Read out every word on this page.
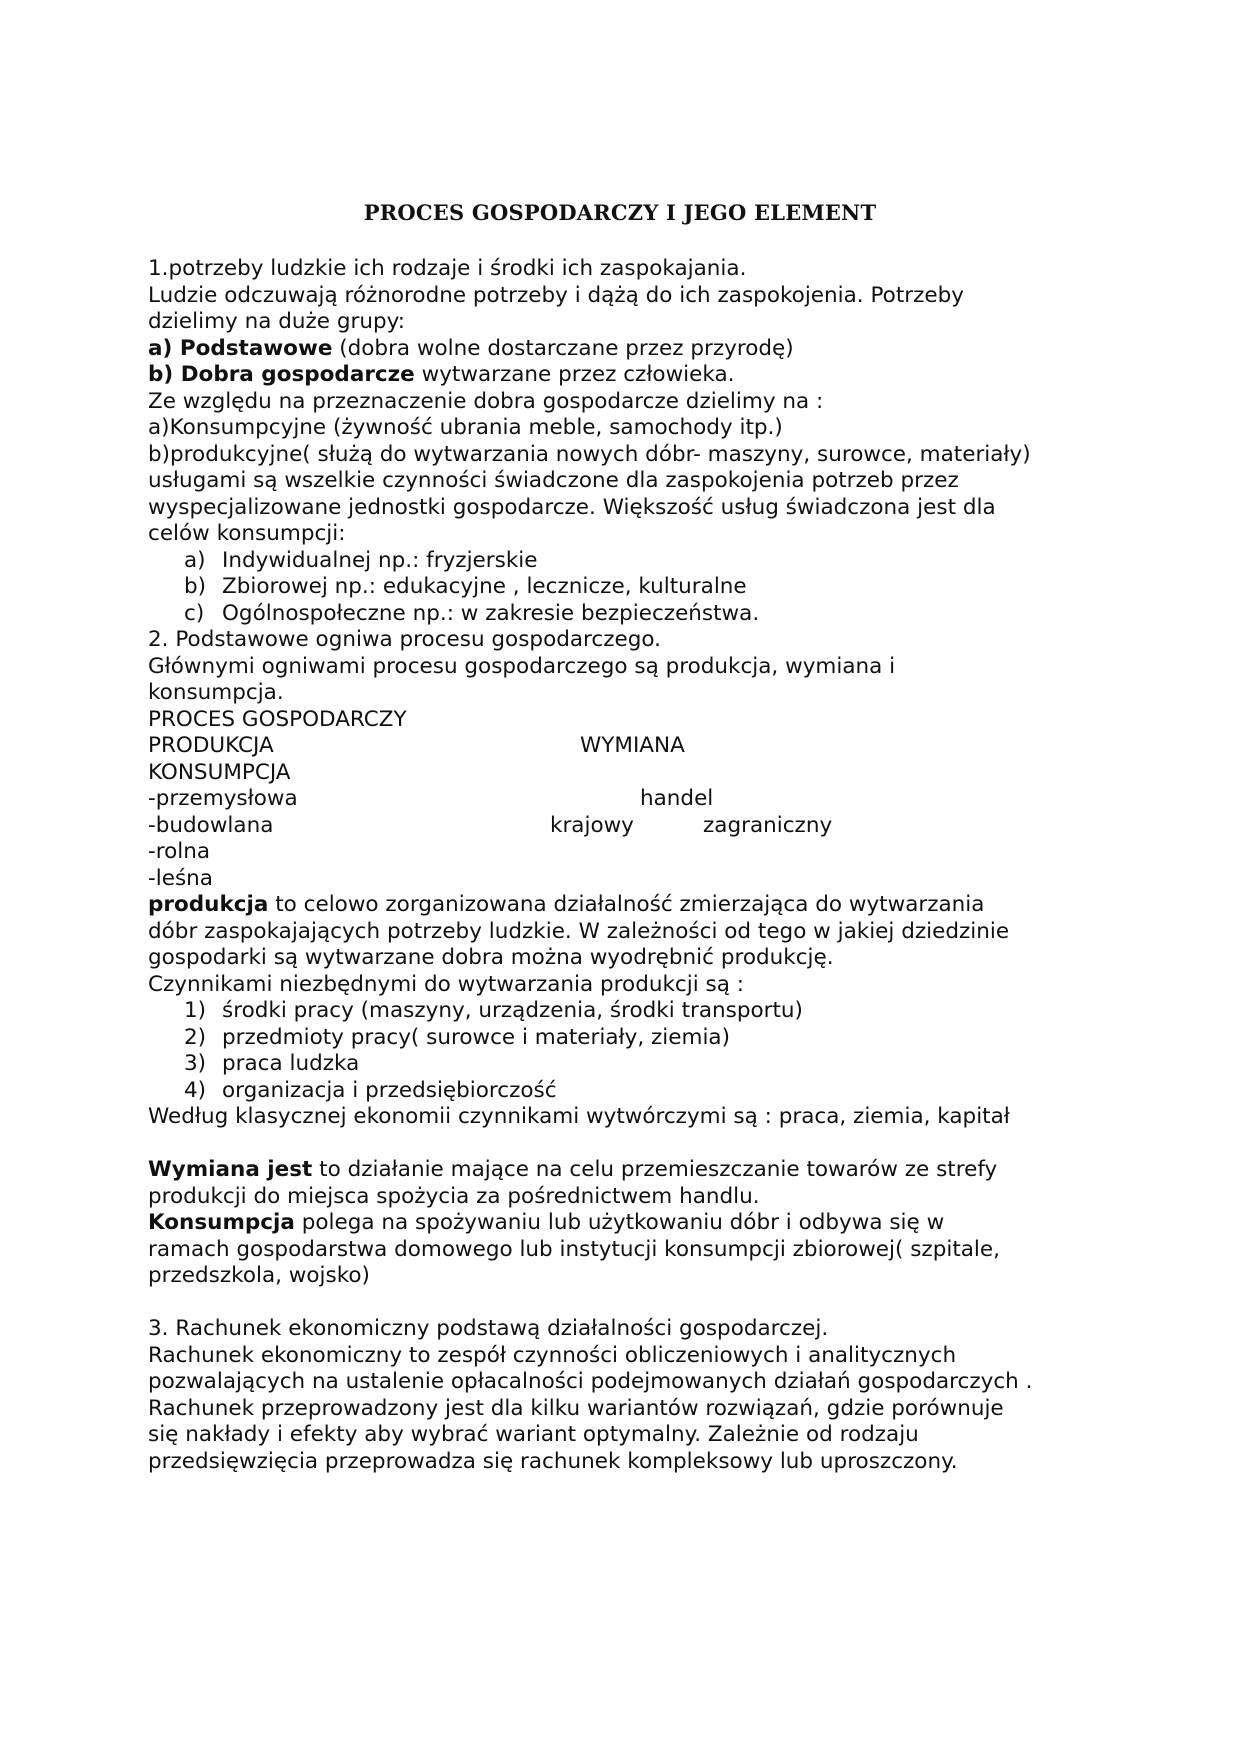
PROCES GOSPODARCZY I JEGO ELEMENT
1.potrzeby ludzkie ich rodzaje i środki ich zaspokajania.
Ludzie odczuwają różnorodne potrzeby i dążą do ich zaspokojenia. Potrzeby
dzielimy na duże grupy:
a) Podstawowe (dobra wolne dostarczane przez przyrodę)
b) Dobra gospodarcze wytwarzane przez człowieka.
Ze względu na przeznaczenie dobra gospodarcze dzielimy na :
a)Konsumpcyjne (żywność ubrania meble, samochody itp.)
b)produkcyjne( służą do wytwarzania nowych dóbr- maszyny, surowce, materiały)
usługami są wszelkie czynności świadczone dla zaspokojenia potrzeb przez
wyspecjalizowane jednostki gospodarcze. Większość usług świadczona jest dla
celów konsumpcji:
a) Indywidualnej np.: fryzjerskie
b) Zbiorowej np.: edukacyjne , lecznicze, kulturalne
c) Ogólnospołeczne np.: w zakresie bezpieczeństwa.
2. Podstawowe ogniwa procesu gospodarczego.
Głównymi ogniwami procesu gospodarczego są produkcja, wymiana i
konsumpcja.
PROCES GOSPODARCZY
PRODUKCJA	WYMIANA
KONSUMPCJA
-przemysłowa	handel
-budowlana	krajowy	zagraniczny
-rolna
-leśna
produkcja to celowo zorganizowana działalność zmierzająca do wytwarzania
dóbr zaspokajających potrzeby ludzkie. W zależności od tego w jakiej dziedzinie
gospodarki są wytwarzane dobra można wyodrębnić produkcję.
Czynnikami niezbędnymi do wytwarzania produkcji są :
1) środki pracy (maszyny, urządzenia, środki transportu)
2) przedmioty pracy( surowce i materiały, ziemia)
3) praca ludzka
4) organizacja i przedsiębiorczość
Według klasycznej ekonomii czynnikami wytwórczymi są : praca, ziemia, kapitał
Wymiana jest to działanie mające na celu przemieszczanie towarów ze strefy
produkcji do miejsca spożycia za pośrednictwem handlu.
Konsumpcja polega na spożywaniu lub użytkowaniu dóbr i odbywa się w
ramach gospodarstwa domowego lub instytucji konsumpcji zbiorowej( szpitale,
przedszkola, wojsko)
3. Rachunek ekonomiczny podstawą działalności gospodarczej.
Rachunek ekonomiczny to zespół czynności obliczeniowych i analitycznych
pozwalających na ustalenie opłacalności podejmowanych działań gospodarczych .
Rachunek przeprowadzony jest dla kilku wariantów rozwiązań, gdzie porównuje
się nakłady i efekty aby wybrać wariant optymalny. Zależnie od rodzaju
przedsięwzięcia przeprowadza się rachunek kompleksowy lub uproszczony.
